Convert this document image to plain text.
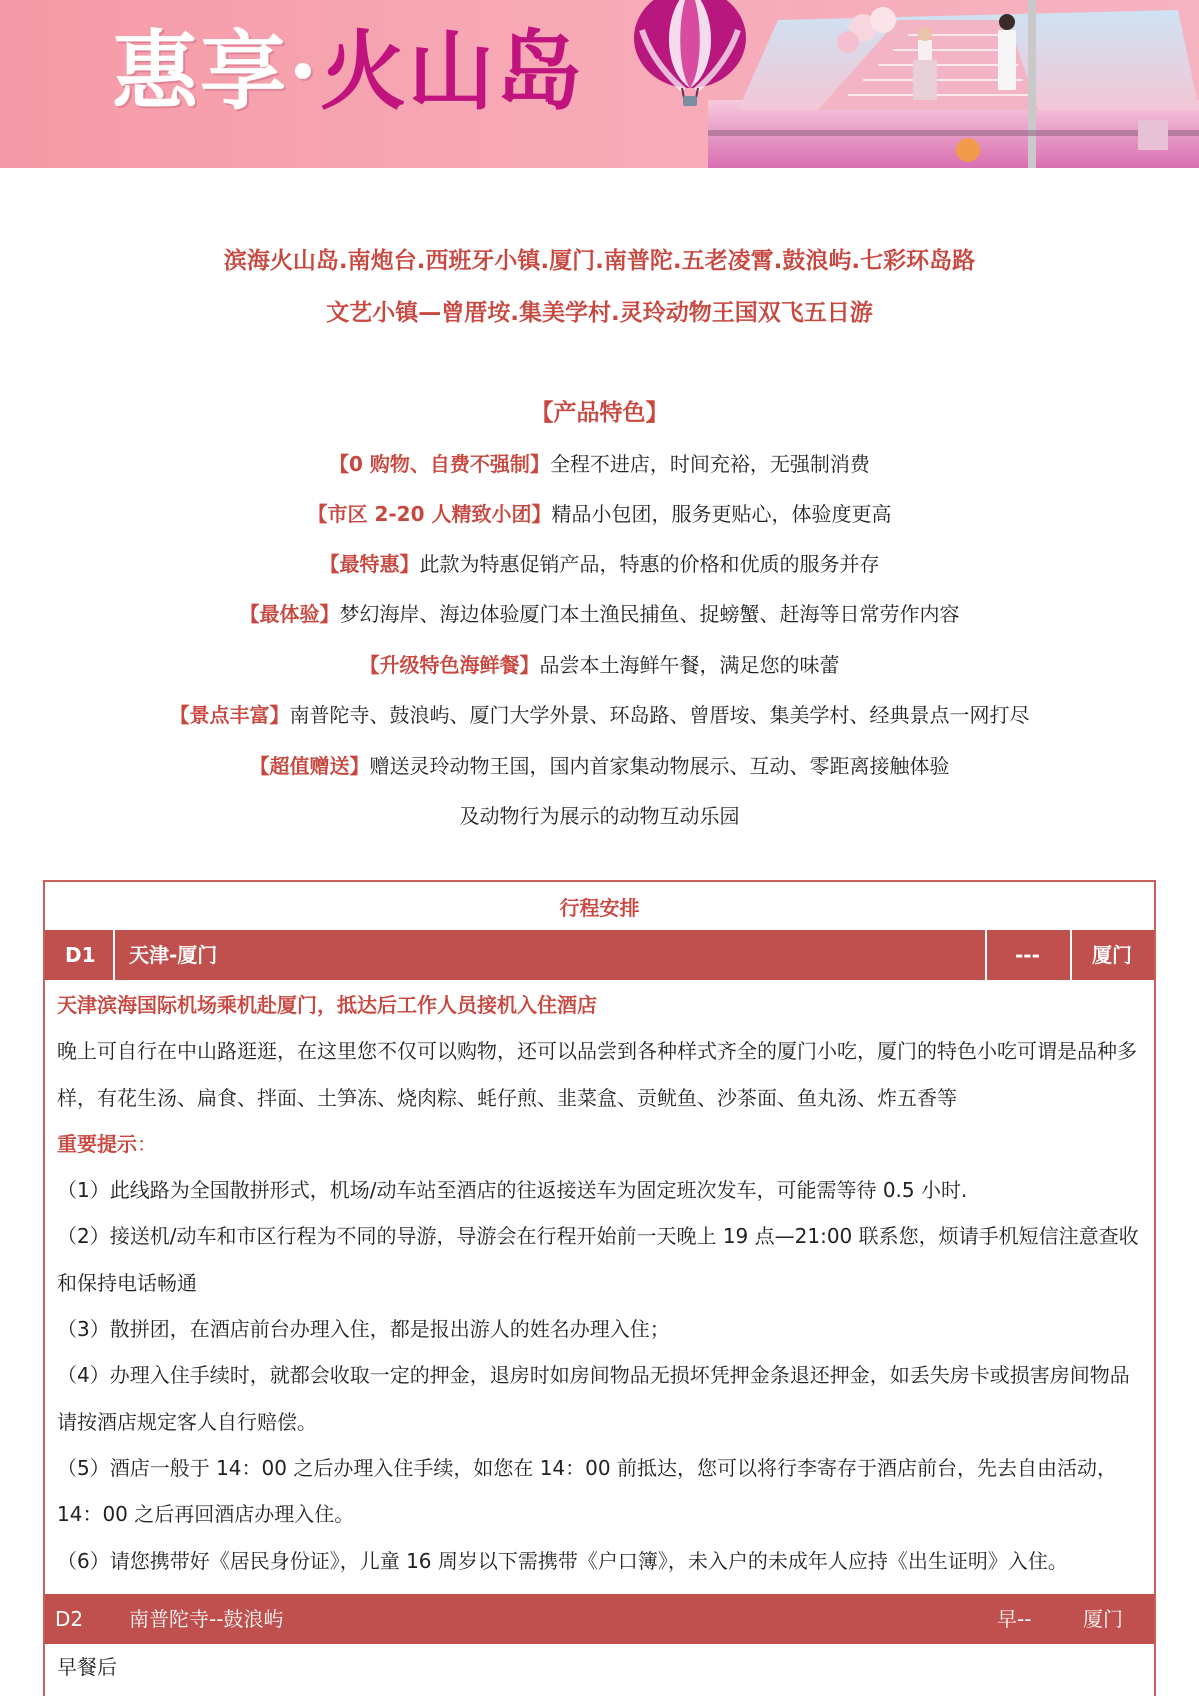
惠享·火山岛
滨海火山岛.南炮台.西班牙小镇.厦门.南普陀.五老凌霄.鼓浪屿.七彩环岛路
文艺小镇—曾厝垵.集美学村.灵玲动物王国双飞五日游
【产品特色】
【0 购物、自费不强制】全程不进店，时间充裕，无强制消费
【市区 2-20 人精致小团】精品小包团，服务更贴心，体验度更高
【最特惠】此款为特惠促销产品，特惠的价格和优质的服务并存
【最体验】梦幻海岸、海边体验厦门本土渔民捕鱼、捉螃蟹、赶海等日常劳作内容
【升级特色海鲜餐】品尝本土海鲜午餐，满足您的味蕾
【景点丰富】南普陀寺、鼓浪屿、厦门大学外景、环岛路、曾厝垵、集美学村、经典景点一网打尽
【超值赠送】赠送灵玲动物王国，国内首家集动物展示、互动、零距离接触体验
及动物行为展示的动物互动乐园
行程安排
D1 天津-厦门	---	厦门

天津滨海国际机场乘机赴厦门，抵达后工作人员接机入住酒店

晚上可自行在中山路逛逛，在这里您不仅可以购物，还可以品尝到各种样式齐全的厦门小吃，厦门的特色小吃可谓是品种多样，有花生汤、扁食、拌面、土笋冻、烧肉粽、蚝仔煎、韭菜盒、贡鱿鱼、沙茶面、鱼丸汤、炸五香等

重要提示：

（1）此线路为全国散拼形式，机场/动车站至酒店的往返接送车为固定班次发车，可能需等待 0.5 小时.

（2）接送机/动车和市区行程为不同的导游，导游会在行程开始前一天晚上 19 点—21:00 联系您，烦请手机短信注意查收和保持电话畅通

（3）散拼团，在酒店前台办理入住，都是报出游人的姓名办理入住；

（4）办理入住手续时，就都会收取一定的押金，退房时如房间物品无损坏凭押金条退还押金，如丢失房卡或损害房间物品请按酒店规定客人自行赔偿。

（5）酒店一般于 14：00 之后办理入住手续，如您在 14：00 前抵达，您可以将行李寄存于酒店前台，先去自由活动，14：00 之后再回酒店办理入住。

（6）请您携带好《居民身份证》，儿童 16 周岁以下需携带《户口簿》，未入户的未成年人应持《出生证明》入住。

D2 南普陀寺--鼓浪屿	早--	厦门

早餐后
